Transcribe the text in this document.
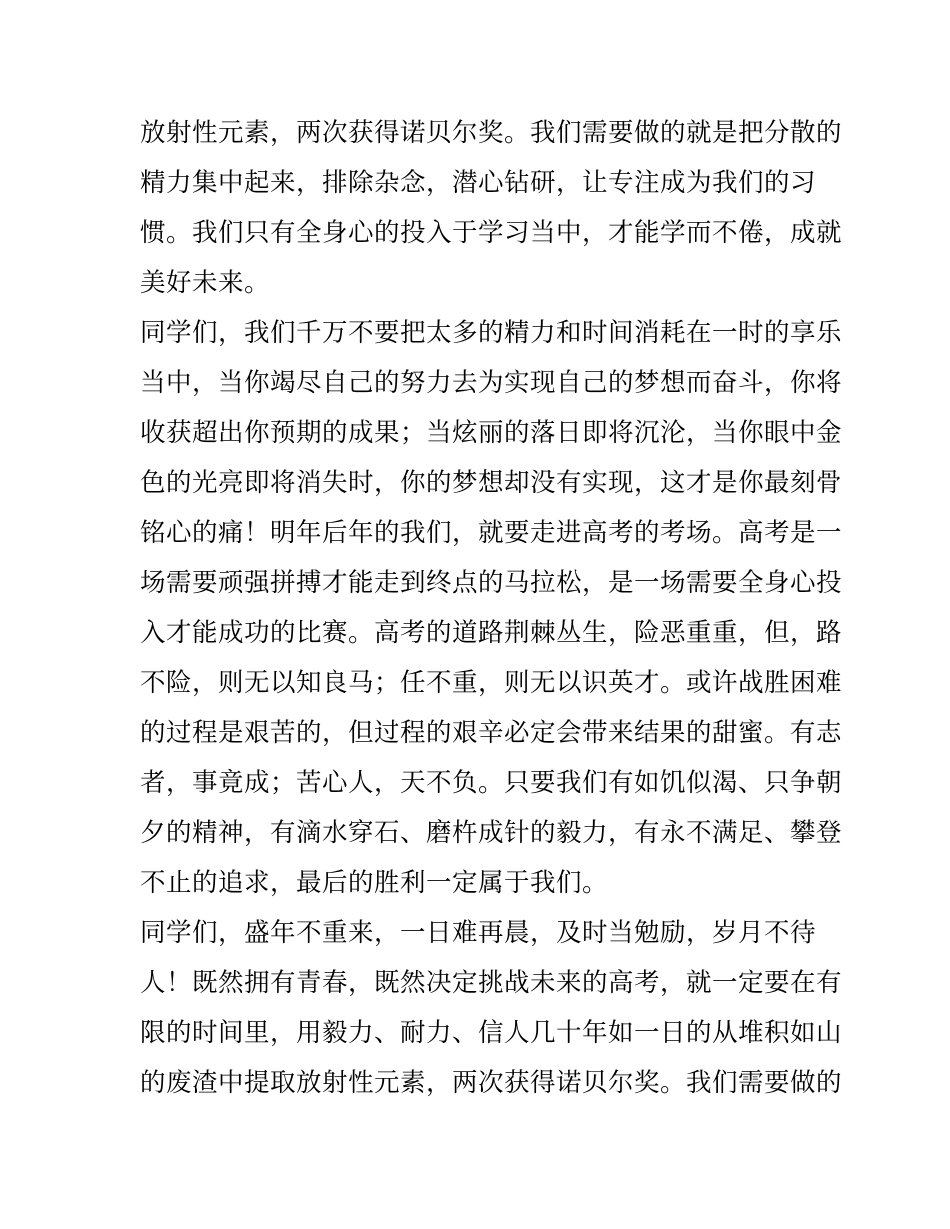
放射性元素，两次获得诺贝尔奖。我们需要做的就是把分散的
精力集中起来，排除杂念，潜心钻研，让专注成为我们的习
惯。我们只有全身心的投入于学习当中，才能学而不倦，成就
美好未来。
同学们，我们千万不要把太多的精力和时间消耗在一时的享乐
当中，当你竭尽自己的努力去为实现自己的梦想而奋斗，你将
收获超出你预期的成果；当炫丽的落日即将沉沦，当你眼中金
色的光亮即将消失时，你的梦想却没有实现，这才是你最刻骨
铭心的痛！明年后年的我们，就要走进高考的考场。高考是一
场需要顽强拼搏才能走到终点的马拉松，是一场需要全身心投
入才能成功的比赛。高考的道路荆棘丛生，险恶重重，但，路
不险，则无以知良马；任不重，则无以识英才。或许战胜困难
的过程是艰苦的，但过程的艰辛必定会带来结果的甜蜜。有志
者，事竟成；苦心人，天不负。只要我们有如饥似渴、只争朝
夕的精神，有滴水穿石、磨杵成针的毅力，有永不满足、攀登
不止的追求，最后的胜利一定属于我们。
同学们，盛年不重来，一日难再晨，及时当勉励，岁月不待
人！既然拥有青春，既然决定挑战未来的高考，就一定要在有
限的时间里，用毅力、耐力、信人几十年如一日的从堆积如山
的废渣中提取放射性元素，两次获得诺贝尔奖。我们需要做的
